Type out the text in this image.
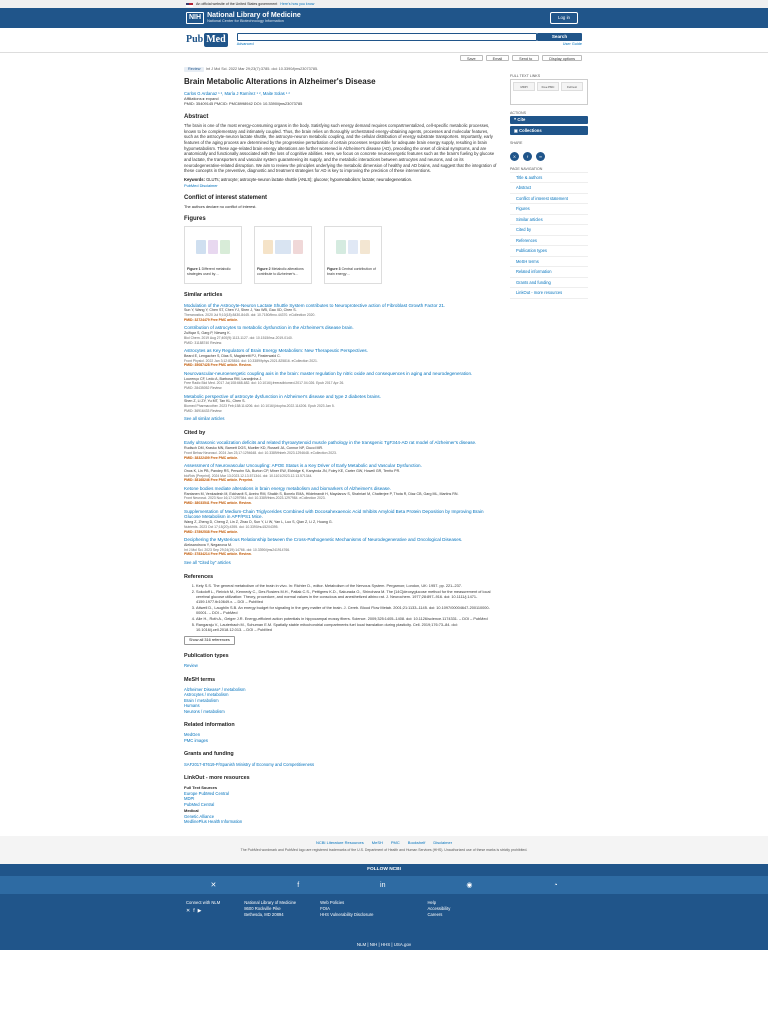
An official website of the United States government Here's how you know
NIH National Library of Medicine
National Center for Biotechnology Information
Log in
Pub Med	Search
Advanced	User Guide
Save	Email	Send to	Display options
Review Int J Mol Sci. 2022 Mar 29;23(7):3785. doi: 10.3390/ijms23073785.
Brain Metabolic Alterations in Alzheimer's Disease
Carlos G Ardanaz ¹ ², María J Ramírez ¹ ², Maite Solas ¹ ²
Affiliations ▸ expand
PMID: 35409145 PMCID: PMC8998942 DOI: 10.3390/ijms23073785
Abstract

The brain is one of the most energy-consuming organs in the body. Satisfying such energy demand requires compartmentalized, cell-specific metabolic processes, known to be complementary and intimately coupled. Thus, the brain relies on thoroughly orchestrated energy-obtaining agents, processes and molecular features, such as the astrocyte-neuron lactate shuttle, the astrocyte-neuron metabolic coupling, and the cellular distribution of energy substrate transporters. Importantly, early features of the aging process are determined by the progressive perturbation of certain processes responsible for adequate brain energy supply, resulting in brain hypometabolism. These age-related brain energy alterations are further worsened in Alzheimer's disease (AD), preceding the onset of clinical symptoms, and are anatomically and functionally associated with the loss of cognitive abilities. Here, we focus on concrete neuroenergetic features such as the brain's fueling by glucose and lactate, the transporters and vascular system guaranteeing its supply, and the metabolic interactions between astrocytes and neurons, and on its neurodegenerative-related disruption. We aim to review the principles underlying the metabolic dimension of healthy and AD brains, and suggest that the integration of these concepts in the preventive, diagnostic and treatment strategies for AD is key to improving the precision of these interventions.

Keywords: GLUTs; astrocyte; astrocyte-neuron lactate shuttle (ANLS); glucose; hypometabolism; lactate; neurodegeneration.
PubMed Disclaimer
Conflict of interest statement
The authors declare no conflict of interest.
Figures
Figure 1 Different metabolic strategies used by…
Figure 2 Metabolic alterations contribute to Alzheimer's…
Figure 3 Central contribution of brain energy…
Similar articles
Modulation of the Astrocyte-Neuron Lactate Shuttle System contributes to Neuroprotective action of Fibroblast Growth Factor 21.
Sun Y, Wang Y, Chen ST, Chen YJ, Shen J, Yao WB, Gao XD, Chen S.
Theranostics. 2020 Jul 9;10(18):8430-8445. doi: 10.7150/thno.44370. eCollection 2020.
PMID: 32724479 Free PMC article.
Contribution of astrocytes to metabolic dysfunction in the Alzheimer's disease brain.
Zulfiqar S, Garg P, Nieweg K.
Biol Chem. 2019 Aug 27;400(9):1113-1127. doi: 10.1515/hsz-2019-0140.
PMID: 31188740 Review.
Astrocytes as Key Regulators of Brain Energy Metabolism: New Therapeutic Perspectives.
Beard E, Lengacher S, Dias S, Magistretti PJ, Finsterwald C.
Front Physiol. 2022 Jan 3;12:825816. doi: 10.3389/fphys.2021.825816. eCollection 2021.
PMID: 35087428 Free PMC article. Review.
Neurovascular-neuroenergetic coupling axis in the brain: master regulation by nitric oxide and consequences in aging and neurodegeneration.
Lourenço CF, Ledo A, Barbosa RM, Laranjinha J.
Free Radic Biol Med. 2017 Jul;108:668-682. doi: 10.1016/j.freeradbiomed.2017.04.026. Epub 2017 Apr 26.
PMID: 28435052 Review.
Metabolic perspective of astrocyte dysfunction in Alzheimer's disease and type 2 diabetes brains.
Shen Z, Li ZY, Yu MT, Tan KL, Chen S.
Biomed Pharmacother. 2023 Feb;158:114206. doi: 10.1016/j.biopha.2022.114206. Epub 2023 Jan 5.
PMID: 36916433 Review.
See all similar articles
Cited by
Early ultrasonic vocalization deficits and related thyroarytenoid muscle pathology in the transgenic TgF344-AD rat model of Alzheimer's disease.
Rudisch DM, Krasko MN, Barnett DGS, Mueller KD, Russell JA, Connor NP, Ciucci MR.
Front Behav Neurosci. 2024 Jan 23;17:1294648. doi: 10.3389/fnbeh.2023.1294648. eCollection 2023.
PMID: 38322409 Free PMC article.
Assessment of Neurovascular Uncoupling: APOE Status is a Key Driver of Early Metabolic and Vascular Dysfunction.
Onos K, Lin PB, Pandey RS, Persohn SA, Burton CP, Miner EW, Eldridge K, Kanyinda JN, Foley KE, Carter GW, Howell GR, Territo PR.
bioRxiv [Preprint]. 2024 Mar 13:2023.12.13.571344. doi: 10.1101/2023.12.13.571344.
PMID: 38168246 Free PMC article. Preprint.
Ketone bodies mediate alterations in brain energy metabolism and biomarkers of Alzheimer's disease.
Rantanen M, Venkadesh M, Eckhardt S, Aveiro RM, Shaikh S, Bonelo EMA, Hildebrandt H, Maydanov S, Shahriari M, Chatterjee P, Thota R, Diaz CB, Garg ML, Martins RN.
Front Neurosci. 2023 Nov 16;17:1297984. doi: 10.3389/fnins.2023.1297984. eCollection 2023.
PMID: 38033541 Free PMC article. Review.
Supplementation of Medium-Chain Triglycerides Combined with Docosahexaenoic Acid Inhibits Amyloid Beta Protein Deposition by Improving Brain Glucose Metabolism in APP/PS1 Mice.
Wang Z, Zheng D, Cheng Z, Lin Z, Zhao D, Sun Y, Li W, Yan L, Luo S, Qian Z, Li Z, Huang G.
Nutrients. 2023 Oct 17;15(20):4395. doi: 10.3390/nu15204395.
PMID: 37892538 Free PMC article.
Deciphering the Mysterious Relationship between the Cross-Pathogenetic Mechanisms of Neurodegenerative and Oncological Diseases.
Aleksandrova Y, Neganova M.
Int J Mol Sci. 2023 Sep 29;24(19):14766. doi: 10.3390/ijms241914766.
PMID: 37834214 Free PMC article. Review.
See all "Cited by" articles
References
1. Kety S.S. The general metabolism of the brain in vivo. In: Richter D., editor. Metabolism of the Nervous System. Pergamon; London, UK: 1957. pp. 221–237.
2. Sokoloff L., Reivich M., Kennedy C., Des Rosiers M.H., Patlak C.S., Pettigrew K.D., Sakurada O., Shinohara M. The [14C]deoxyglucose method for the measurement of local cerebral glucose utilization: Theory, procedure, and normal values in the conscious and anesthetized albino rat. J. Neurochem. 1977;28:897–916. doi: 10.1111/j.1471-4159.1977.tb10649.x. – DOI – PubMed
3. Attwell D., Laughlin S.B. An energy budget for signaling in the grey matter of the brain. J. Cereb. Blood Flow Metab. 2001;21:1133–1145. doi: 10.1097/00004647-200110000-00001. – DOI – PubMed
4. Alle H., Roth A., Geiger J.R. Energy-efficient action potentials in hippocampal mossy fibers. Science. 2009;325:1405–1408. doi: 10.1126/science.1174331. – DOI – PubMed
5. Rangaraju V., Lauterbach M., Schuman E.M. Spatially stable mitochondrial compartments fuel local translation during plasticity. Cell. 2019;176:73–84. doi: 10.1016/j.cell.2018.12.013. – DOI – PubMed
Show all 316 references
Publication types
Review
MeSH terms
Alzheimer Disease* / metabolism
Astrocytes / metabolism
Brain / metabolism
Humans
Neurons / metabolism
Related information
MedGen
PMC images
Grants and funding
SAF2017-87619-P/Spanish Ministry of Economy and Competitiveness
LinkOut - more resources
Full Text Sources
Europe PubMed Central
MDPI
PubMed Central
Medical
Genetic Alliance
MedlinePlus Health Information
FULL TEXT LINKS
MDPI	Free PMC	Full text
ACTIONS
❝ Cite
▣ Collections
SHARE
X	f	∞
PAGE NAVIGATION
Title & authors
Abstract
Conflict of interest statement
Figures
Similar articles
Cited by
References
Publication types
MeSH terms
Related information
Grants and funding
LinkOut - more resources
NCBI Literature Resources MeSH PMC Bookshelf Disclaimer
The PubMed wordmark and PubMed logo are registered trademarks of the U.S. Department of Health and Human Services (HHS). Unauthorized use of these marks is strictly prohibited.
FOLLOW NCBI
✕	f	in	◉	◔
Connect with NLM
✕ f ▶
National Library of Medicine
8600 Rockville Pike
Bethesda, MD 20894
Web Policies
FOIA
HHS Vulnerability Disclosure
Help
Accessibility
Careers
NLM | NIH | HHS | USA.gov
